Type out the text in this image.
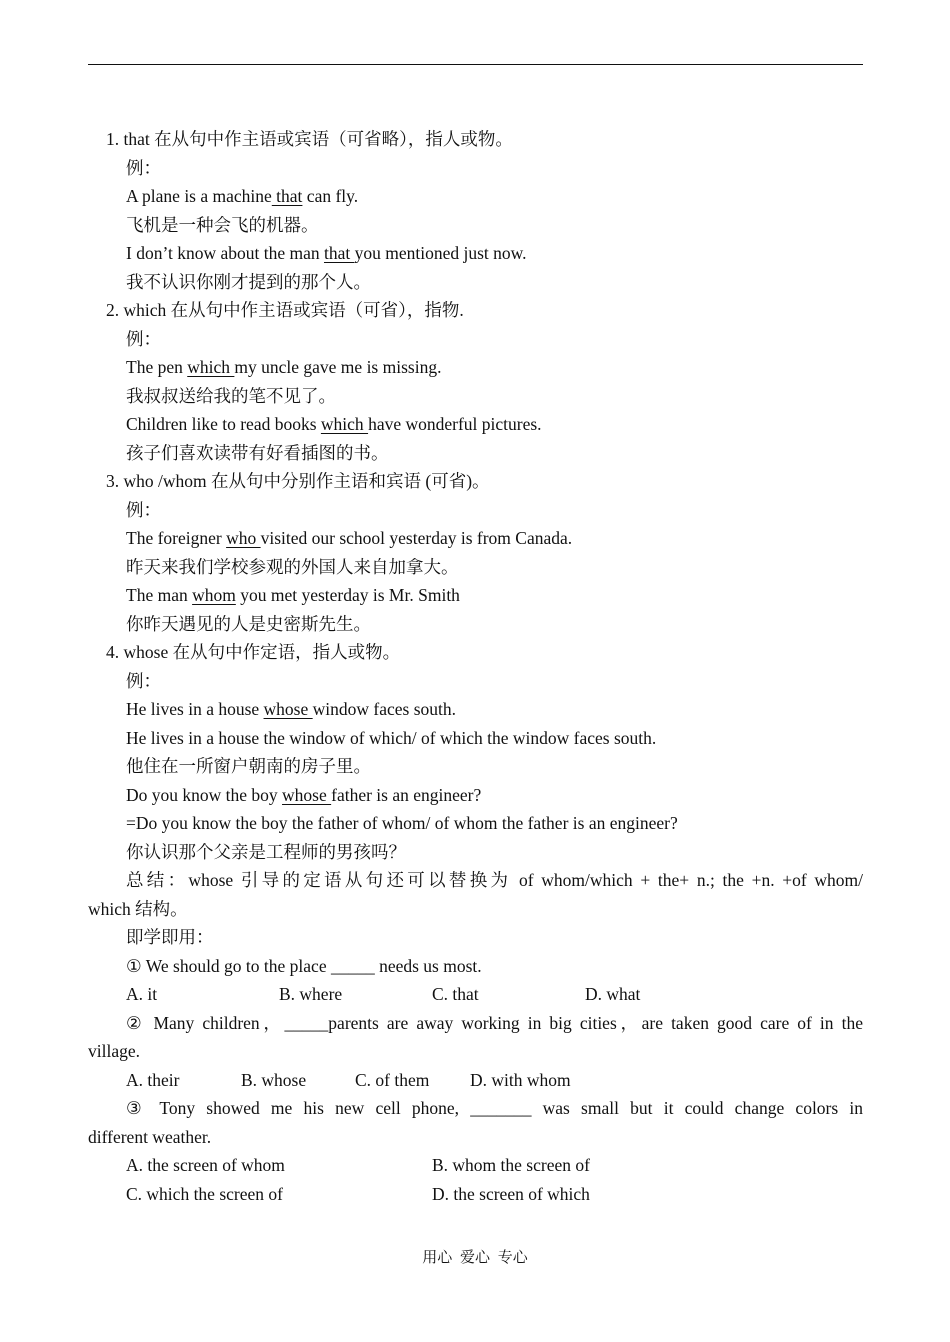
1. that 在从句中作主语或宾语（可省略），指人或物。
例：
A plane is a machine that can fly.
飞机是一种会飞的机器。
I don’t know about the man that you mentioned just now.
我不认识你刚才提到的那个人。
2. which 在从句中作主语或宾语（可省），指物.
例：
The pen which my uncle gave me is missing.
我叔叔送给我的笔不见了。
Children like to read books which have wonderful pictures.
孩子们喜欢读带有好看插图的书。
3. who /whom 在从句中分别作主语和宾语 (可省)。
例：
The foreigner who visited our school yesterday is from Canada.
昨天来我们学校参观的外国人来自加拿大。
The man whom you met yesterday is Mr. Smith
你昨天遇见的人是史密斯先生。
4. whose 在从句中作定语，指人或物。
例：
He lives in a house whose window faces south.
He lives in a house the window of which/ of which the window faces south.
他住在一所窗户朝南的房子里。
Do you know the boy whose father is an engineer?
=Do you know the boy the father of whom/ of whom the father is an engineer?
你认识那个父亲是工程师的男孩吗？
总结：whose 引导的定语从句还可以替换为 of whom/which + the+ n.; the +n. +of whom/
which 结构。
即学即用：
① We should go to the place _____ needs us most.
A. it	B. where	C. that	D. what
② Many children，_____parents are away working in big cities，are taken good care of in the
village.
A. their	B. whose	C. of them	D. with whom
③ Tony showed me his new cell phone, _______ was small but it could change colors in
different weather.
A. the screen of whom	B. whom the screen of
C. which the screen of	D. the screen of which
用心 爱心 专心
